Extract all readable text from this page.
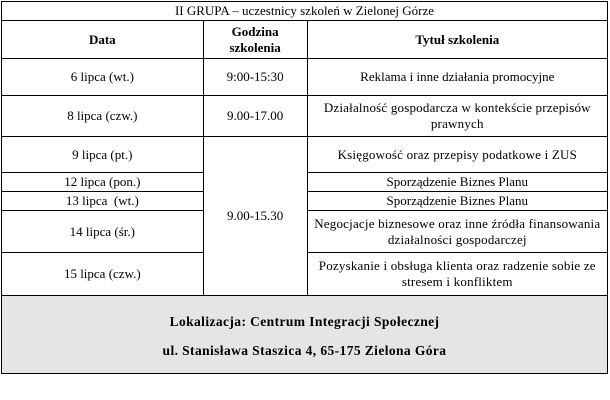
II GRUPA – uczestnicy szkoleń w Zielonej Górze		
Data	Godzina szkolenia	Tytuł szkolenia
6 lipca (wt.)	9:00-15:30	Reklama i inne działania promocyjne
8 lipca (czw.)	9.00-17.00	Działalność gospodarcza w kontekście przepisów prawnych
9 lipca (pt.)	9.00-15.30	Księgowość oraz przepisy podatkowe i ZUS
12 lipca (pon.)		Sporządzenie Biznes Planu
13 lipca  (wt.)		Sporządzenie Biznes Planu
14 lipca (śr.)		Negocjacje biznesowe oraz inne źródła finansowania działalności gospodarczej
15 lipca (czw.)		Pozyskanie i obsługa klienta oraz radzenie sobie ze stresem i konfliktem
Lokalizacja: Centrum Integracji Społecznej
ul. Stanisława Staszica 4, 65-175 Zielona Góra
